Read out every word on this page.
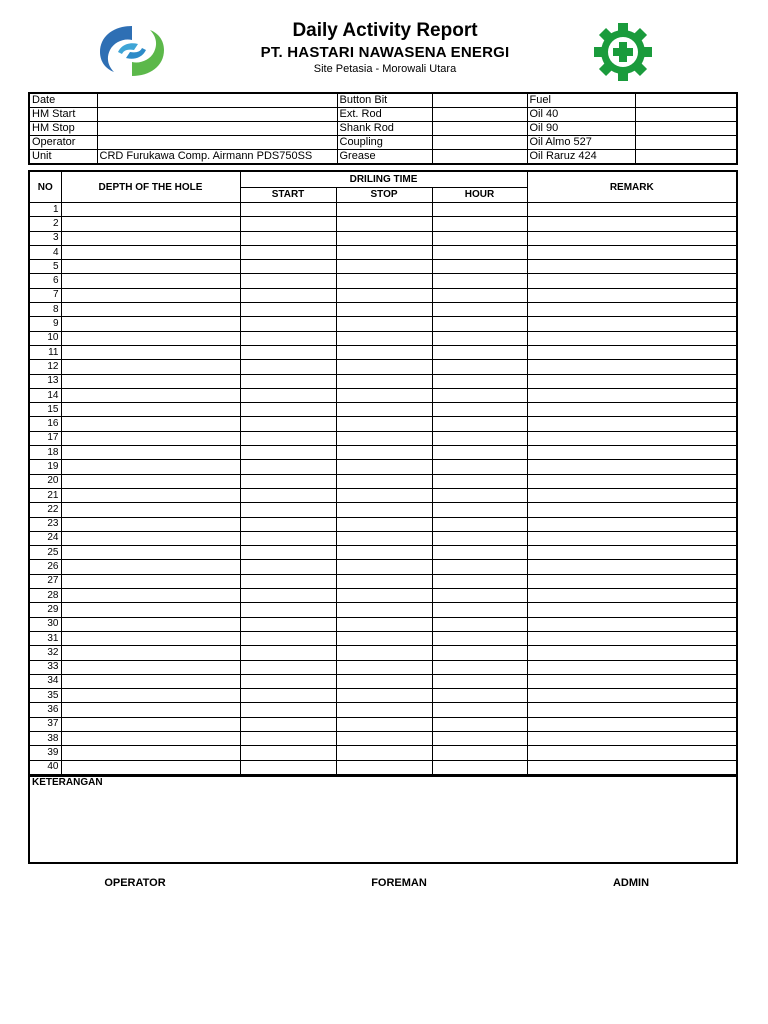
Daily Activity Report
PT. HASTARI NAWASENA ENERGI
Site Petasia - Morowali Utara
Date		Button Bit		Fuel	
HM Start		Ext. Rod		Oil 40	
HM Stop		Shank Rod		Oil 90	
Operator		Coupling		Oil Almo 527	
Unit	CRD Furukawa Comp. Airmann PDS750SS	Grease		Oil Raruz 424	
NO	DEPTH OF THE HOLE	DRILING TIME			REMARK
		START	STOP	HOUR	
1					
2					
3					
4					
5					
6					
7					
8					
9					
10					
11					
12					
13					
14					
15					
16					
17					
18					
19					
20					
21					
22					
23					
24					
25					
26					
27					
28					
29					
30					
31					
32					
33					
34					
35					
36					
37					
38					
39					
40					
KETERANGAN
OPERATOR	FOREMAN	ADMIN
